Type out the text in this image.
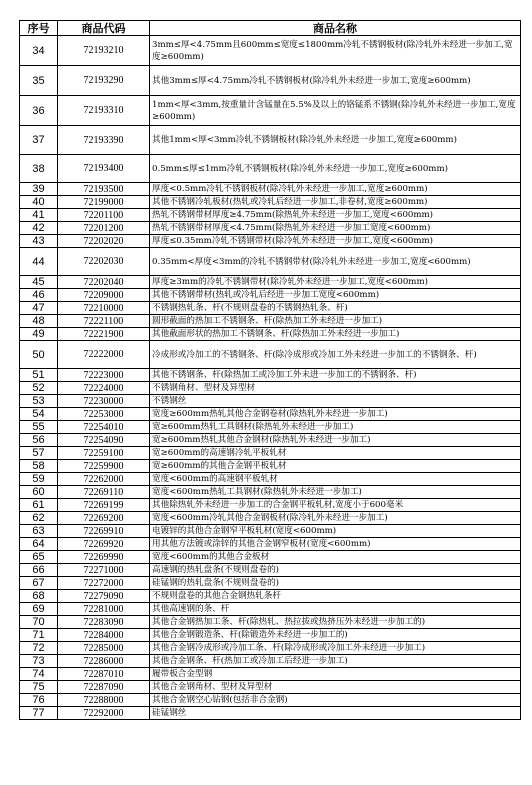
序号	商品代码	商品名称
34	72193210	3mm≤厚<4.75mm且600mm≤宽度≤1800mm冷轧不锈钢板材(除冷轧外未经进一步加工,宽度≥600mm)
35	72193290	其他3mm≤厚<4.75mm冷轧不锈钢板材(除冷轧外未经进一步加工,宽度≥600mm)
36	72193310	1mm<厚<3mm,按重量计含锰量在5.5%及以上的铬锰系不锈钢(除冷轧外未经进一步加工,宽度≥600mm)
37	72193390	其他1mm<厚<3mm冷轧不锈钢板材(除冷轧外未经进一步加工,宽度≥600mm)
38	72193400	0.5mm≤厚≤1mm冷轧不锈钢板材(除冷轧外未经进一步加工,宽度≥600mm)
39	72193500	厚度<0.5mm冷轧不锈钢板材(除冷轧外未经进一步加工,宽度≥600mm)
40	72199000	其他不锈钢冷轧板材(热轧或冷轧后经进一步加工,非卷材,宽度≥600mm)
41	72201100	热轧不锈钢带材厚度≥4.75mm(除热轧外未经进一步加工,宽度<600mm)
42	72201200	热轧不锈钢带材厚度<4.75mm(除热轧外未经进一步加工宽度<600mm)
43	72202020	厚度≤0.35mm冷轧不锈钢带材(除冷轧外未经进一步加工,宽度<600mm)
44	72202030	0.35mm<厚度<3mm的冷轧不锈钢带材(除冷轧外未经进一步加工,宽度<600mm)
45	72202040	厚度≥3mm的冷轧不锈钢带材(除冷轧外未经进一步加工,宽度<600mm)
46	72209000	其他不锈钢带材(热轧或冷轧后经进一步加工宽度<600mm)
47	72210000	不锈钢热轧条、杆(不规则盘卷的不锈钢热轧条、杆)
48	72221100	圆形截面的热加工不锈钢条、杆(除热加工外未经进一步加工)
49	72221900	其他截面形状的热加工不锈钢条、杆(除热加工外未经进一步加工)
50	72222000	冷成形或冷加工的不锈钢条、杆(除冷成形或冷加工外未经进一步加工的不锈钢条、杆)
51	72223000	其他不锈钢条、杆(除热加工或冷加工外未进一步加工的不锈钢条、杆)
52	72224000	不锈钢角材、型材及异型材
53	72230000	不锈钢丝
54	72253000	宽度≥600mm热轧其他合金钢卷材(除热轧外未经进一步加工)
55	72254010	宽≥600mm热轧工具钢材(除热轧外未经进一步加工)
56	72254090	宽≥600mm热轧其他合金钢材(除热轧外未经进一步加工)
57	72259100	宽≥600mm的高速钢冷轧平板轧材
58	72259900	宽≥600mm的其他合金钢平板轧材
59	72262000	宽度<600mm的高速钢平板轧材
60	72269110	宽度<600mm热轧工具钢材(除热轧外未经进一步加工)
61	72269199	其他除热轧外未经进一步加工的合金钢平板轧材,宽度小于600毫米
62	72269200	宽度<600mm冷轧其他合金钢板材(除冷轧外未经进一步加工)
63	72269910	电镀锌的其他合金钢窄平板轧材(宽度<600mm)
64	72269920	用其他方法镀或涂锌的其他合金钢窄板材(宽度<600mm)
65	72269990	宽度<600mm的其他合金板材
66	72271000	高速钢的热轧盘条(不规则盘卷的)
67	72272000	硅锰钢的热轧盘条(不规则盘卷的)
68	72279090	不规则盘卷的其他合金钢热轧条杆
69	72281000	其他高速钢的条、杆
70	72283090	其他合金钢热加工条、杆(除热轧、热拉拔或热挤压外未经进一步加工的)
71	72284000	其他合金钢锻造条、杆(除锻造外未经进一步加工的)
72	72285000	其他合金钢冷成形或冷加工条、杆(除冷成形或冷加工外未经进一步加工)
73	72286000	其他合金钢条、杆(热加工或冷加工后经进一步加工)
74	72287010	履带板合金型钢
75	72287090	其他合金钢角材、型材及异型材
76	72288000	其他合金钢空心钻钢(包括非合金钢)
77	72292000	硅锰钢丝
